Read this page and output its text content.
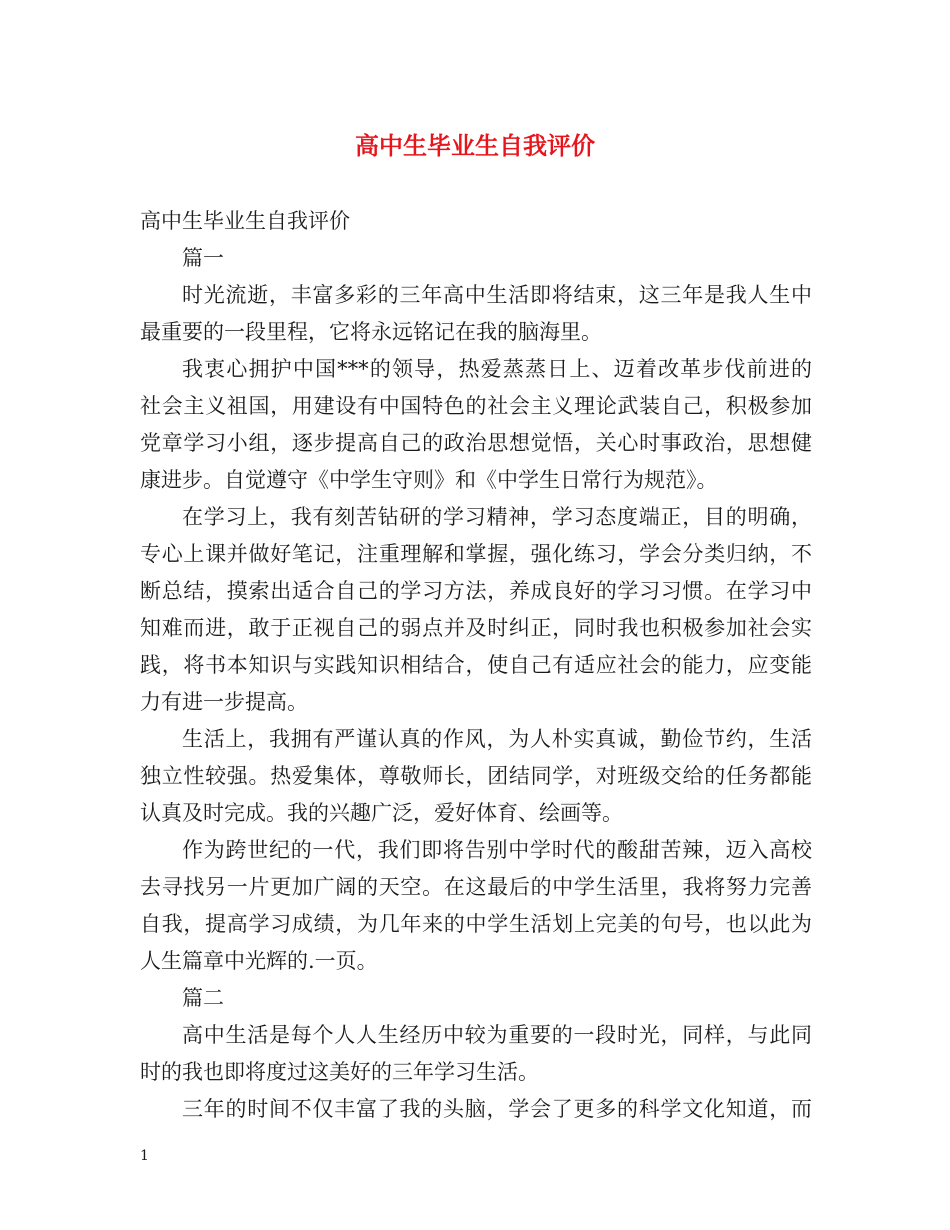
高中生毕业生自我评价
高中生毕业生自我评价
篇一
时光流逝，丰富多彩的三年高中生活即将结束，这三年是我人生中
最重要的一段里程，它将永远铭记在我的脑海里。
我衷心拥护中国***的领导，热爱蒸蒸日上、迈着改革步伐前进的
社会主义祖国，用建设有中国特色的社会主义理论武装自己，积极参加
党章学习小组，逐步提高自己的政治思想觉悟，关心时事政治，思想健
康进步。自觉遵守《中学生守则》和《中学生日常行为规范》。
在学习上，我有刻苦钻研的学习精神，学习态度端正，目的明确，
专心上课并做好笔记，注重理解和掌握，强化练习，学会分类归纳，不
断总结，摸索出适合自己的学习方法，养成良好的学习习惯。在学习中
知难而进，敢于正视自己的弱点并及时纠正，同时我也积极参加社会实
践，将书本知识与实践知识相结合，使自己有适应社会的能力，应变能
力有进一步提高。
生活上，我拥有严谨认真的作风，为人朴实真诚，勤俭节约，生活
独立性较强。热爱集体，尊敬师长，团结同学，对班级交给的任务都能
认真及时完成。我的兴趣广泛，爱好体育、绘画等。
作为跨世纪的一代，我们即将告别中学时代的酸甜苦辣，迈入高校
去寻找另一片更加广阔的天空。在这最后的中学生活里，我将努力完善
自我，提高学习成绩，为几年来的中学生活划上完美的句号，也以此为
人生篇章中光辉的.一页。
篇二
高中生活是每个人人生经历中较为重要的一段时光，同样，与此同
时的我也即将度过这美好的三年学习生活。
三年的时间不仅丰富了我的头脑，学会了更多的科学文化知道，而
1
